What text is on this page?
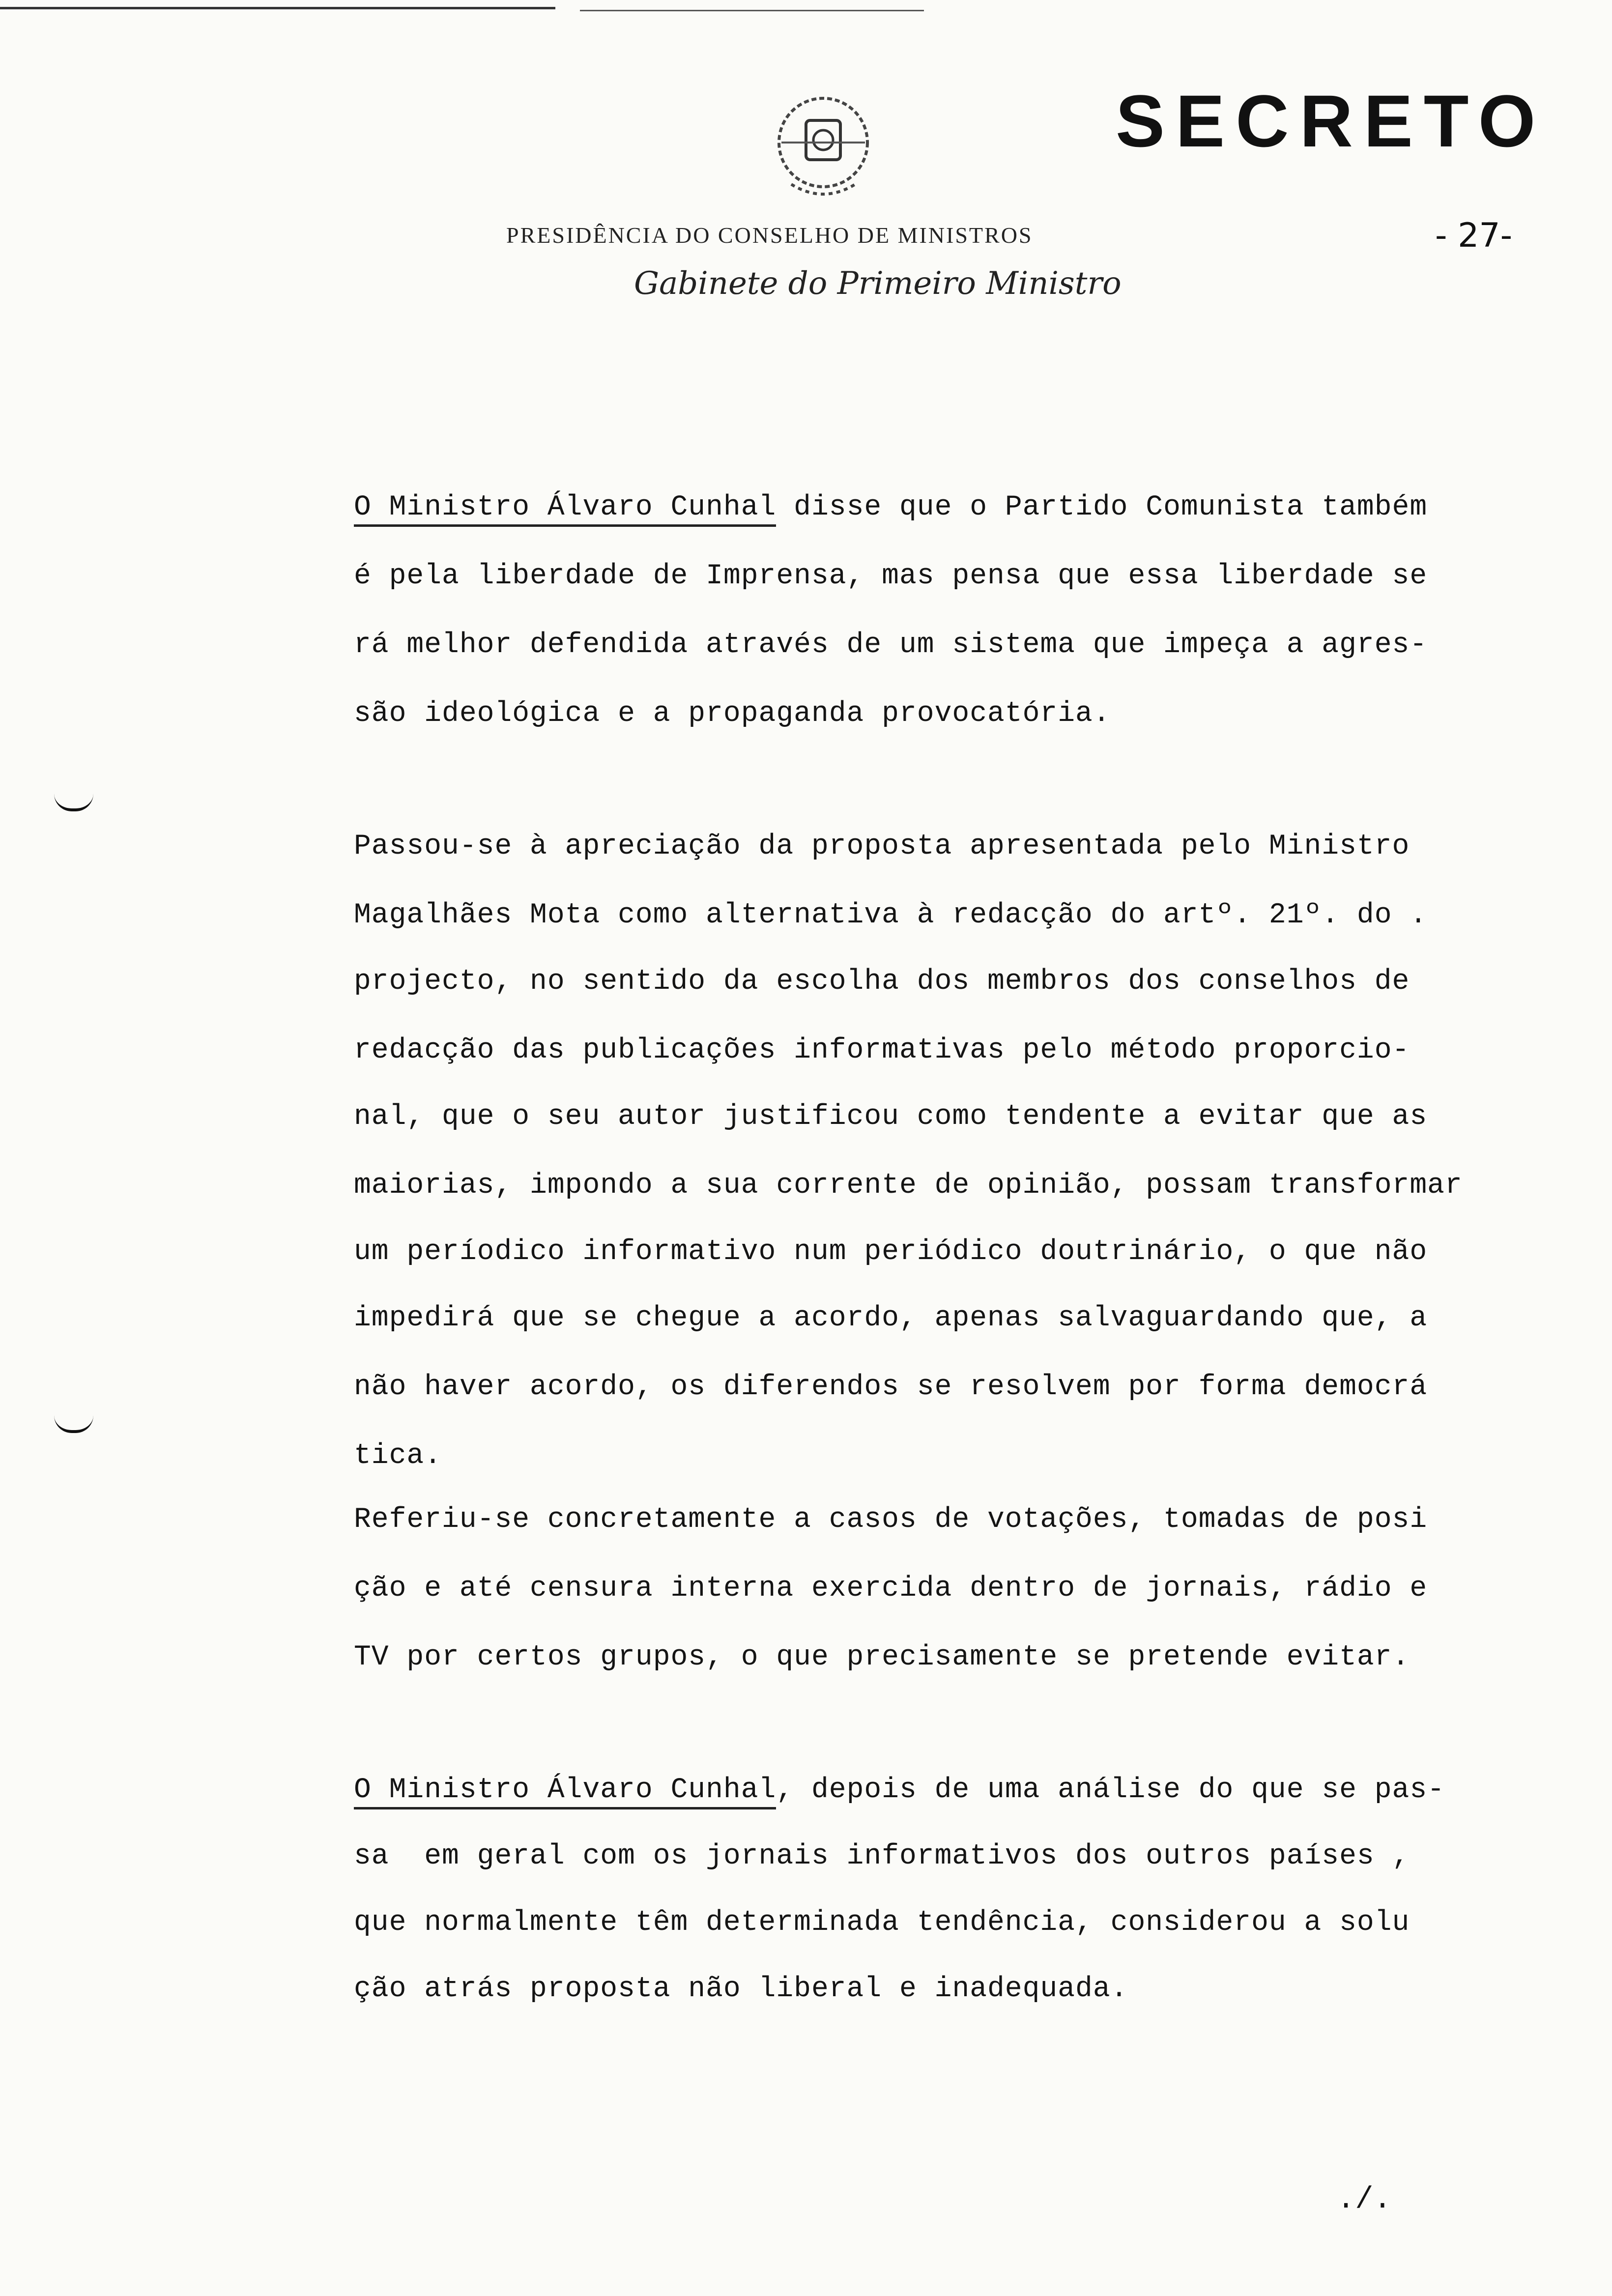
SECRETO
- 27-
PRESIDÊNCIA DO CONSELHO DE MINISTROS
Gabinete do Primeiro Ministro
O Ministro Álvaro Cunhal disse que o Partido Comunista também
é pela liberdade de Imprensa, mas pensa que essa liberdade se
rá melhor defendida através de um sistema que impeça a agres-
são ideológica e a propaganda provocatória.
Passou-se à apreciação da proposta apresentada pelo Ministro
Magalhães Mota como alternativa à redacção do artº. 21º. do .
projecto, no sentido da escolha dos membros dos conselhos de
redacção das publicações informativas pelo método proporcio-
nal, que o seu autor justificou como tendente a evitar que as
maiorias, impondo a sua corrente de opinião, possam transformar
um períodico informativo num periódico doutrinário, o que não
impedirá que se chegue a acordo, apenas salvaguardando que, a
não haver acordo, os diferendos se resolvem por forma democrá
tica.
Referiu-se concretamente a casos de votações, tomadas de posi
ção e até censura interna exercida dentro de jornais, rádio e
TV por certos grupos, o que precisamente se pretende evitar.
O Ministro Álvaro Cunhal, depois de uma análise do que se pas-
sa  em geral com os jornais informativos dos outros países ,
que normalmente têm determinada tendência, considerou a solu
ção atrás proposta não liberal e inadequada.
./.
